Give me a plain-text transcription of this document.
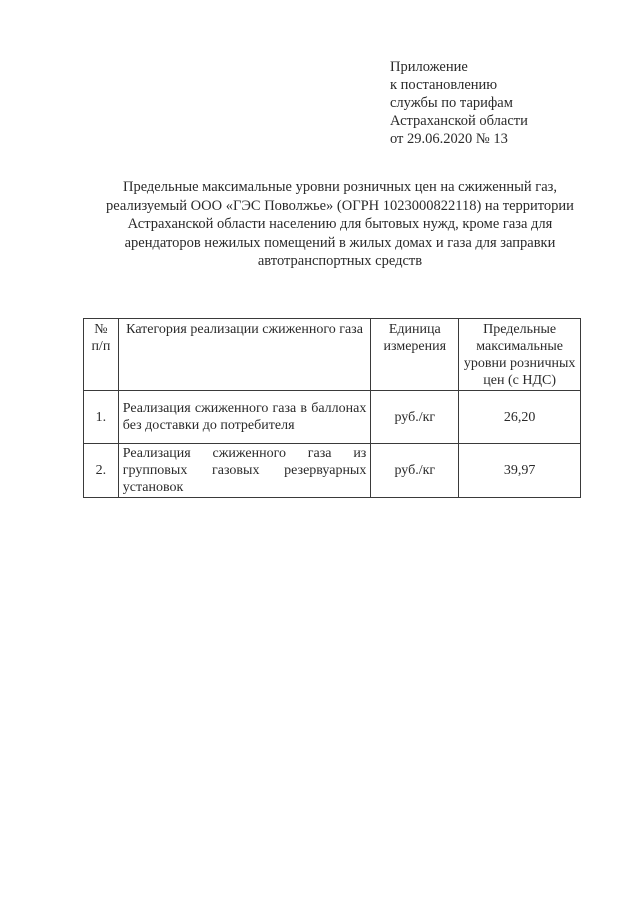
Приложение
к постановлению
службы по тарифам
Астраханской области
от 29.06.2020 № 13
Предельные максимальные уровни розничных цен на сжиженный газ,
реализуемый ООО «ГЭС Поволжье» (ОГРН 1023000822118) на территории
Астраханской области населению для бытовых нужд, кроме газа для
арендаторов нежилых помещений в жилых домах и газа для заправки
автотранспортных средств
№ п/п	Категория реализации сжиженного газа	Единица измерения	Предельные максимальные уровни розничных цен (с НДС)
1.	Реализация сжиженного газа в баллонах без доставки до потребителя	руб./кг	26,20
2.	Реализация сжиженного газа из групповых газовых резервуарных установок	руб./кг	39,97
